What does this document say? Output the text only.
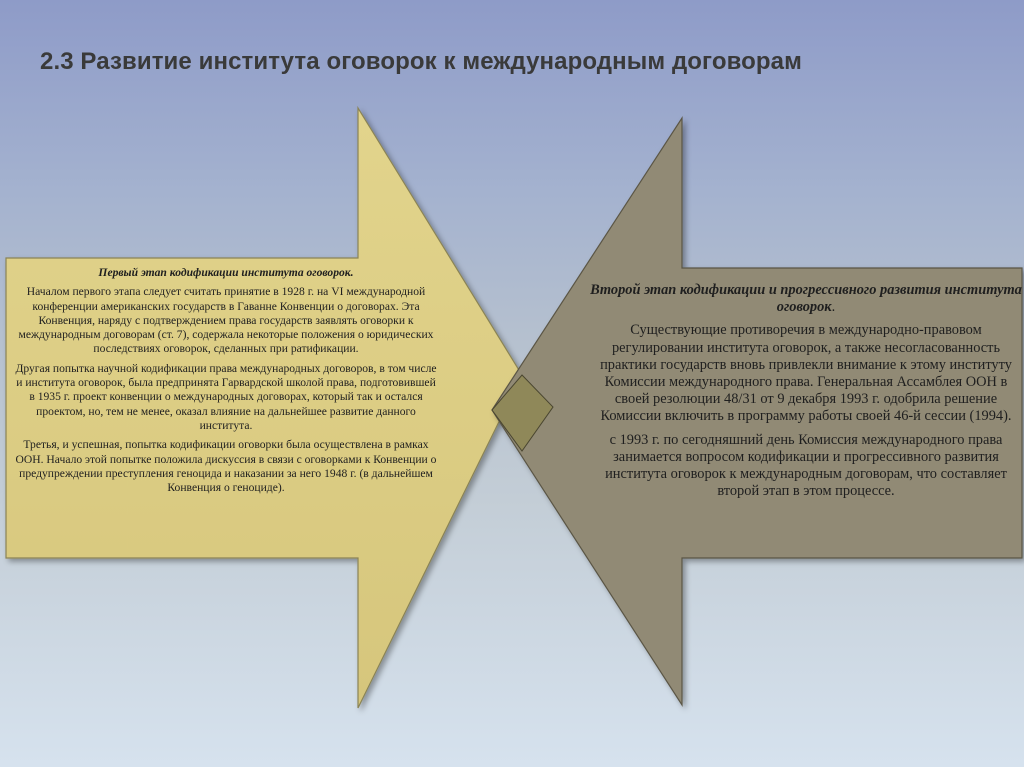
2.3 Развитие института оговорок к международным договорам

Первый этап кодификации института оговорок.

Началом первого этапа следует считать принятие в 1928 г. на VI международной конференции американских государств в Гаванне Конвенции о договорах. Эта Конвенция, наряду с подтверждением права государств заявлять оговорки к международным договорам (ст. 7), содержала некоторые положения о юридических последствиях оговорок, сделанных при ратификации.

Другая попытка научной кодификации права международных договоров, в том числе и института оговорок, была предпринята Гарвардской школой права, подготовившей в 1935 г. проект конвенции о международных договорах, который так и остался проектом, но, тем не менее, оказал влияние на дальнейшее развитие данного института.

Третья, и успешная, попытка кодификации оговорки была осуществлена в рамках ООН. Начало этой попытке положила дискуссия в связи с оговорками к Конвенции о предупреждении преступления геноцида и наказании за него 1948 г. (в дальнейшем Конвенция о геноциде).

Второй этап кодификации и прогрессивного развития института оговорок.

Существующие противоречия в международно-правовом регулировании института оговорок, а также несогласованность практики государств вновь привлекли внимание к этому институту Комиссии международного права. Генеральная Ассамблея ООН в своей резолюции 48/31 от 9 декабря 1993 г. одобрила решение Комиссии включить в программу работы своей 46-й сессии (1994).

с 1993 г. по сегодняшний день Комиссия международного права занимается вопросом кодификации и прогрессивного развития института оговорок к международным договорам, что составляет второй этап в этом процессе.
